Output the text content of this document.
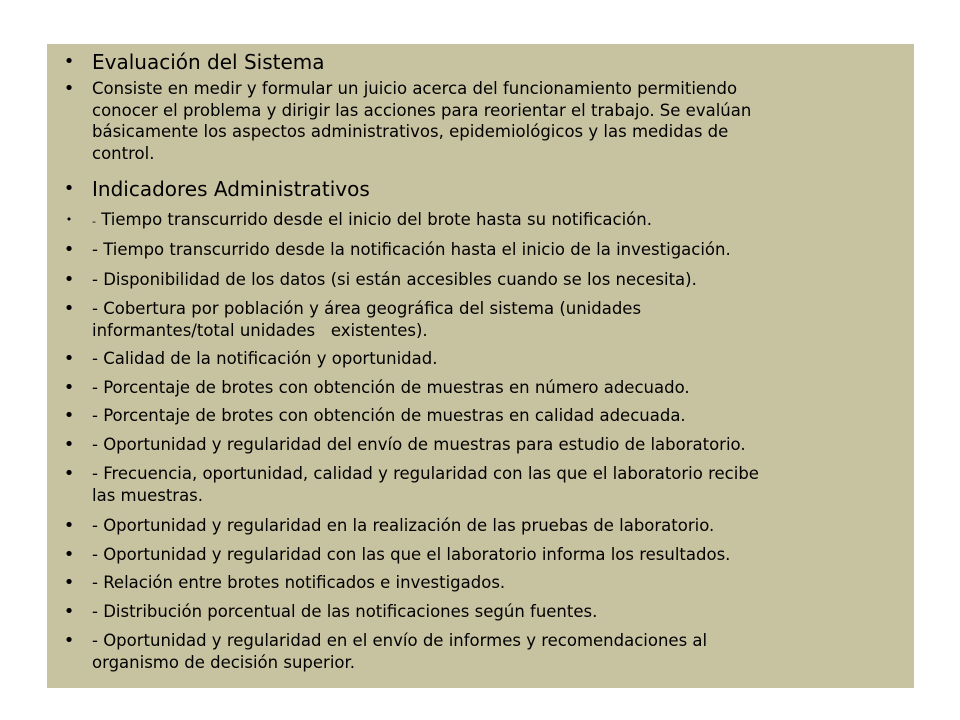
• Evaluación del Sistema
• Consiste en medir y formular un juicio acerca del funcionamiento permitiendo
conocer el problema y dirigir las acciones para reorientar el trabajo. Se evalúan
básicamente los aspectos administrativos, epidemiológicos y las medidas de
control.
• Indicadores Administrativos
•	- Tiempo transcurrido desde el inicio del brote hasta su notificación.
• - Tiempo transcurrido desde la notificación hasta el inicio de la investigación.
• - Disponibilidad de los datos (si están accesibles cuando se los necesita).
• - Cobertura por población y área geográfica del sistema (unidades
informantes/total unidades   existentes).
• - Calidad de la notificación y oportunidad.
• - Porcentaje de brotes con obtención de muestras en número adecuado.
• - Porcentaje de brotes con obtención de muestras en calidad adecuada.
• - Oportunidad y regularidad del envío de muestras para estudio de laboratorio.
• - Frecuencia, oportunidad, calidad y regularidad con las que el laboratorio recibe
las muestras.
• - Oportunidad y regularidad en la realización de las pruebas de laboratorio.
• - Oportunidad y regularidad con las que el laboratorio informa los resultados.
• - Relación entre brotes notificados e investigados.
• - Distribución porcentual de las notificaciones según fuentes.
• - Oportunidad y regularidad en el envío de informes y recomendaciones al
organismo de decisión superior.
